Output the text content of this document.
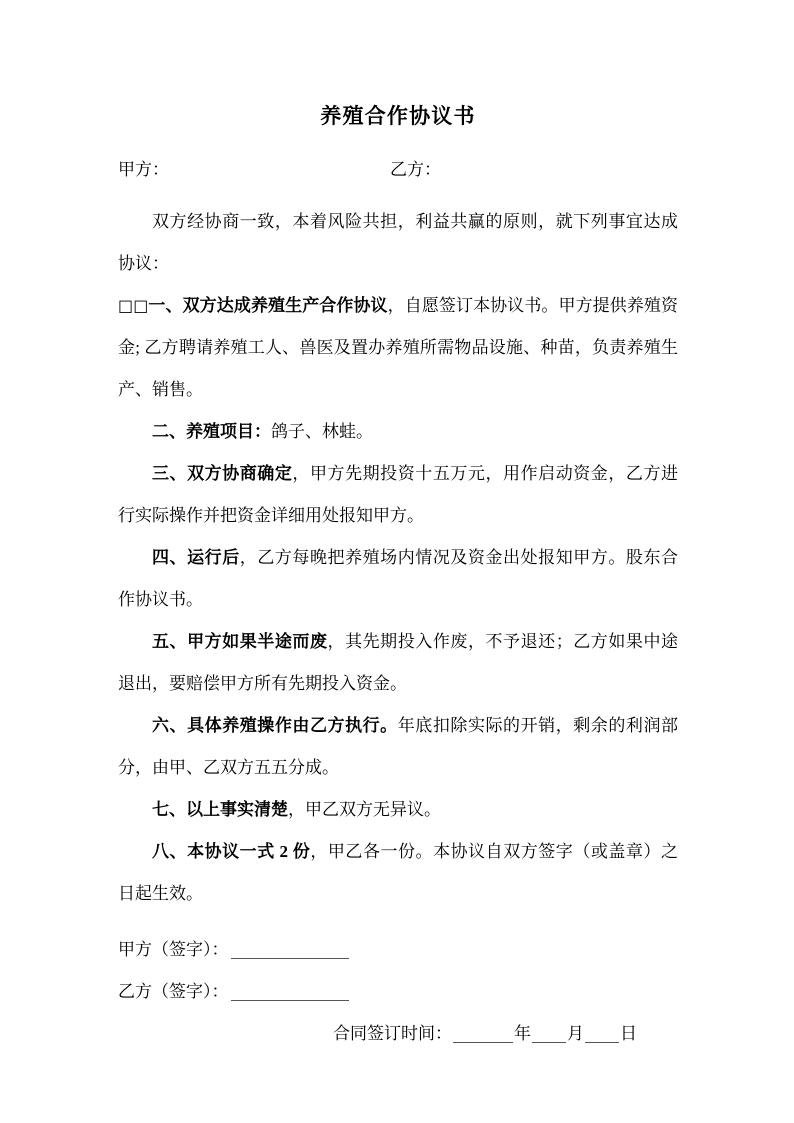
养殖合作协议书
甲方：	乙方：

双方经协商一致，本着风险共担，利益共赢的原则，就下列事宜达成协议：

□□一、双方达成养殖生产合作协议，自愿签订本协议书。甲方提供养殖资金; 乙方聘请养殖工人、兽医及置办养殖所需物品设施、种苗，负责养殖生产、销售。

二、养殖项目：鸽子、林蛙。

三、双方协商确定，甲方先期投资十五万元，用作启动资金，乙方进行实际操作并把资金详细用处报知甲方。

四、运行后，乙方每晚把养殖场内情况及资金出处报知甲方。股东合作协议书。

五、甲方如果半途而废，其先期投入作废，不予退还；乙方如果中途退出，要赔偿甲方所有先期投入资金。

六、具体养殖操作由乙方执行。年底扣除实际的开销，剩余的利润部分，由甲、乙双方五五分成。

七、以上事实清楚，甲乙双方无异议。

八、本协议一式 2 份，甲乙各一份。本协议自双方签字（或盖章）之日起生效。

甲方（签字）：

乙方（签字）：

合同签订时间：	年 月 日
